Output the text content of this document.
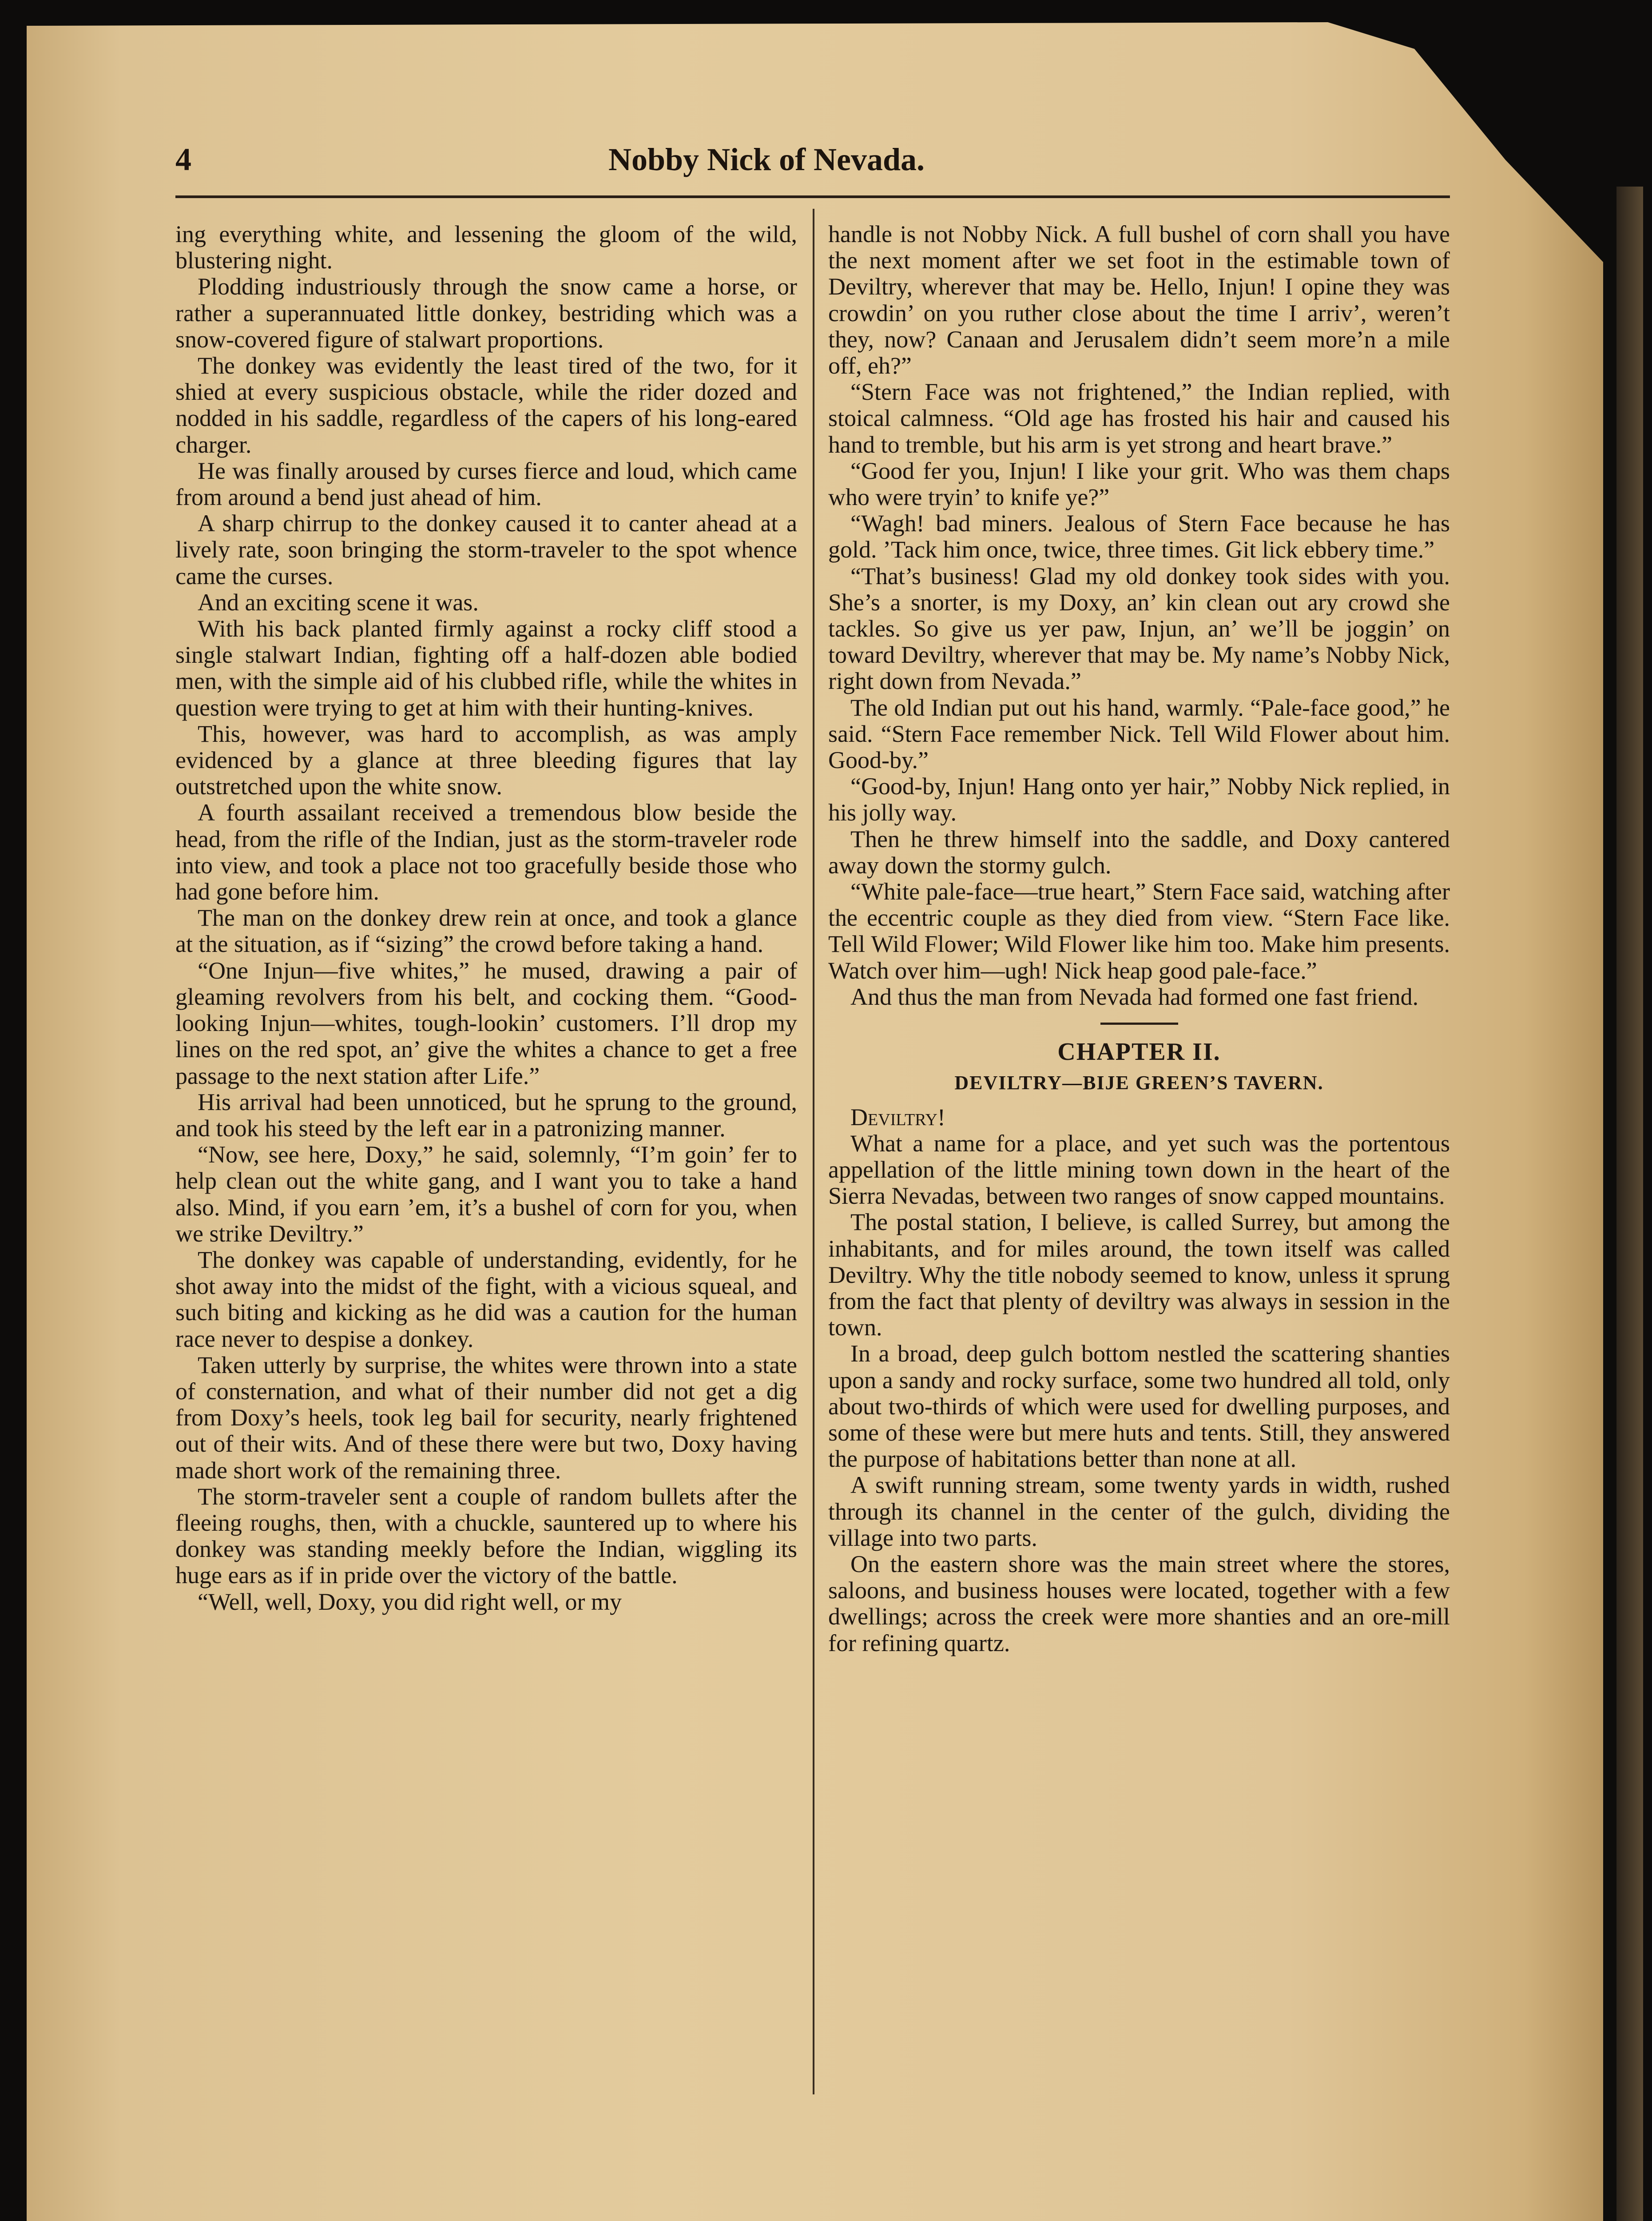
4	Nobby Nick of Nevada.

ing everything white, and lessening the gloom of the wild, blustering night.

Plodding industriously through the snow came a horse, or rather a superannuated little donkey, bestriding which was a snow-covered figure of stalwart proportions.

The donkey was evidently the least tired of the two, for it shied at every suspicious obstacle, while the rider dozed and nodded in his saddle, regardless of the capers of his long-eared charger.

He was finally aroused by curses fierce and loud, which came from around a bend just ahead of him.

A sharp chirrup to the donkey caused it to canter ahead at a lively rate, soon bringing the storm-traveler to the spot whence came the curses.

And an exciting scene it was.

With his back planted firmly against a rocky cliff stood a single stalwart Indian, fighting off a half-dozen able bodied men, with the simple aid of his clubbed rifle, while the whites in question were trying to get at him with their hunting-knives.

This, however, was hard to accomplish, as was amply evidenced by a glance at three bleeding figures that lay outstretched upon the white snow.

A fourth assailant received a tremendous blow beside the head, from the rifle of the Indian, just as the storm-traveler rode into view, and took a place not too gracefully beside those who had gone before him.

The man on the donkey drew rein at once, and took a glance at the situation, as if “sizing” the crowd before taking a hand.

“One Injun—five whites,” he mused, drawing a pair of gleaming revolvers from his belt, and cocking them. “Good-looking Injun—whites, tough-lookin’ customers. I’ll drop my lines on the red spot, an’ give the whites a chance to get a free passage to the next station after Life.”

His arrival had been unnoticed, but he sprung to the ground, and took his steed by the left ear in a patronizing manner.

“Now, see here, Doxy,” he said, solemnly, “I’m goin’ fer to help clean out the white gang, and I want you to take a hand also. Mind, if you earn ’em, it’s a bushel of corn for you, when we strike Deviltry.”

The donkey was capable of understanding, evidently, for he shot away into the midst of the fight, with a vicious squeal, and such biting and kicking as he did was a caution for the human race never to despise a donkey.

Taken utterly by surprise, the whites were thrown into a state of consternation, and what of their number did not get a dig from Doxy’s heels, took leg bail for security, nearly frightened out of their wits. And of these there were but two, Doxy having made short work of the remaining three.

The storm-traveler sent a couple of random bullets after the fleeing roughs, then, with a chuckle, sauntered up to where his donkey was standing meekly before the Indian, wiggling its huge ears as if in pride over the victory of the battle.

“Well, well, Doxy, you did right well, or my

handle is not Nobby Nick. A full bushel of corn shall you have the next moment after we set foot in the estimable town of Deviltry, wherever that may be. Hello, Injun! I opine they was crowdin’ on you ruther close about the time I arriv’, weren’t they, now? Canaan and Jerusalem didn’t seem more’n a mile off, eh?”

“Stern Face was not frightened,” the Indian replied, with stoical calmness. “Old age has frosted his hair and caused his hand to tremble, but his arm is yet strong and heart brave.”

“Good fer you, Injun! I like your grit. Who was them chaps who were tryin’ to knife ye?”

“Wagh! bad miners. Jealous of Stern Face because he has gold. ’Tack him once, twice, three times. Git lick ebbery time.”

“That’s business! Glad my old donkey took sides with you. She’s a snorter, is my Doxy, an’ kin clean out ary crowd she tackles. So give us yer paw, Injun, an’ we’ll be joggin’ on toward Deviltry, wherever that may be. My name’s Nobby Nick, right down from Nevada.”

The old Indian put out his hand, warmly. “Pale-face good,” he said. “Stern Face remember Nick. Tell Wild Flower about him. Good-by.”

“Good-by, Injun! Hang onto yer hair,” Nobby Nick replied, in his jolly way.

Then he threw himself into the saddle, and Doxy cantered away down the stormy gulch.

“White pale-face—true heart,” Stern Face said, watching after the eccentric couple as they died from view. “Stern Face like. Tell Wild Flower; Wild Flower like him too. Make him presents. Watch over him—ugh! Nick heap good pale-face.”

And thus the man from Nevada had formed one fast friend.

CHAPTER II.
DEVILTRY—BIJE GREEN’S TAVERN.

Deviltry!

What a name for a place, and yet such was the portentous appellation of the little mining town down in the heart of the Sierra Nevadas, between two ranges of snow capped mountains.

The postal station, I believe, is called Surrey, but among the inhabitants, and for miles around, the town itself was called Deviltry. Why the title nobody seemed to know, unless it sprung from the fact that plenty of deviltry was always in session in the town.

In a broad, deep gulch bottom nestled the scattering shanties upon a sandy and rocky surface, some two hundred all told, only about two-thirds of which were used for dwelling purposes, and some of these were but mere huts and tents. Still, they answered the purpose of habitations better than none at all.

A swift running stream, some twenty yards in width, rushed through its channel in the center of the gulch, dividing the village into two parts.

On the eastern shore was the main street where the stores, saloons, and business houses were located, together with a few dwellings; across the creek were more shanties and an ore-mill for refining quartz.
